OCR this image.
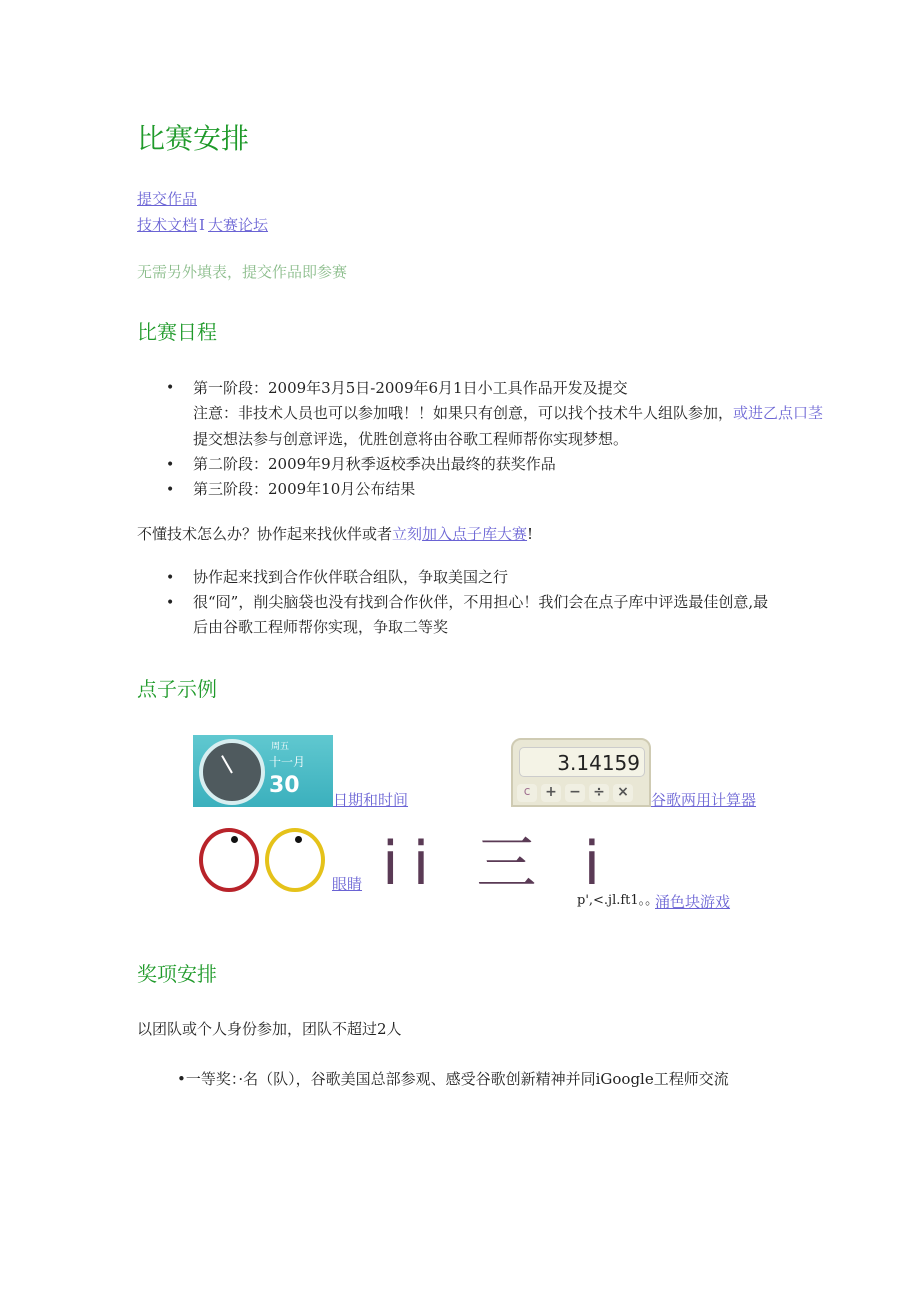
比赛安排
提交作品
技术文档 I 大赛论坛
无需另外填表，提交作品即参赛
比赛日程
• 第一阶段：2009年3月5日-2009年6月1日小工具作品开发及提交
注意：非技术人员也可以参加哦！！如果只有创意，可以找个技术牛人组队参加，或进乙点口茎
提交想法参与创意评选，优胜创意将由谷歌工程师帮你实现梦想。
• 第二阶段：2009年9月秋季返校季决出最终的获奖作品
• 第三阶段：2009年10月公布结果
不懂技术怎么办？协作起来找伙伴或者立刻加入点子库大赛!
• 协作起来找到合作伙伴联合组队，争取美国之行
• 很“冏”，削尖脑袋也没有找到合作伙伴，不用担心！我们会在点子库中评选最佳创意,最
后由谷歌工程师帮你实现，争取二等奖
点子示例
周五
十一月
30
日期和时间
3.14159
c	+ − ÷ × 谷歌两用计算器
眼睛 ii 三 i
p',<.jl.ft1。。
涌色块游戏
奖项安排
以团队或个人身份参加，团队不超过2人
•一等奖：·名（队），谷歌美国总部参观、感受谷歌创新精神并同iGoogle工程师交流
